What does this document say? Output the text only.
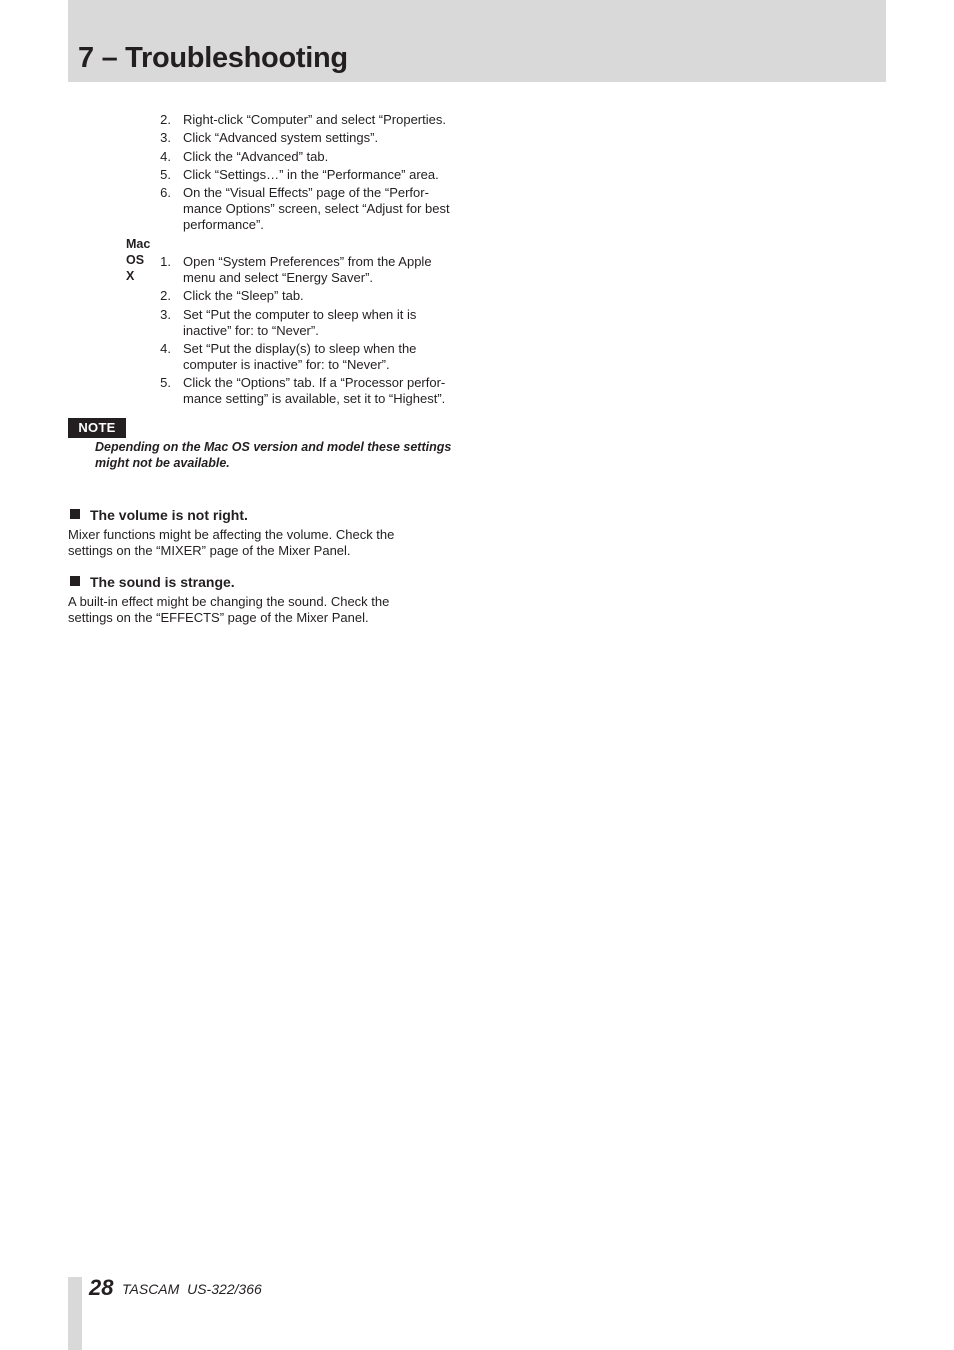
7 – Troubleshooting
2. Right-click “Computer” and select “Properties.
3. Click “Advanced system settings”.
4. Click the “Advanced” tab.
5. Click “Settings…” in the “Performance” area.
6. On the “Visual Effects” page of the “Perfor-
mance Options” screen, select “Adjust for best
performance”.
Mac OS X
1. Open “System Preferences” from the Apple
menu and select “Energy Saver”.
2. Click the “Sleep” tab.
3. Set “Put the computer to sleep when it is
inactive” for: to “Never”.
4. Set “Put the display(s) to sleep when the
computer is inactive” for: to “Never”.
5. Click the “Options” tab. If a “Processor perfor-
mance setting” is available, set it to “Highest”.
NOTE
Depending on the Mac OS version and model these settings
might not be available.
The volume is not right.
Mixer functions might be affecting the volume. Check the
settings on the “MIXER” page of the Mixer Panel.
The sound is strange.
A built-in effect might be changing the sound. Check the
settings on the “EFFECTS” page of the Mixer Panel.
28 TASCAM  US-322/366
